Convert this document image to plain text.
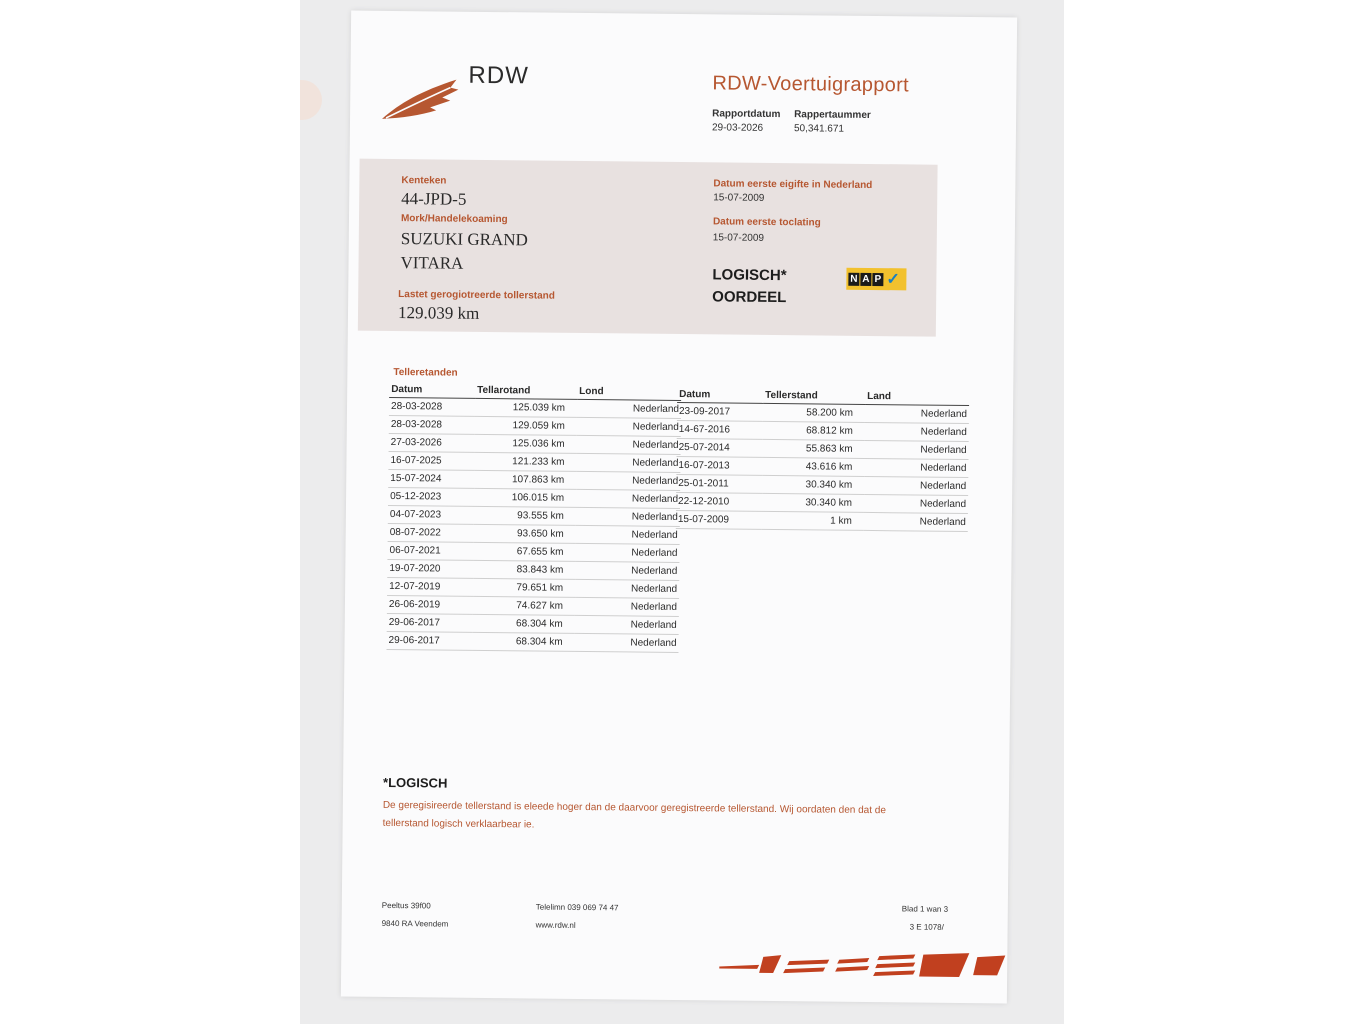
RDW	RDW-Voertuigrapport
Rapportdatum
29-03-2026
Rappertaummer
50,341.671
Kenteken
44-JPD-5
Mork/Handelekoaming
SUZUKI GRAND
VITARA
Lastet gerogiotreerde tollerstand
129.039 km
Datum eerste eigifte in Nederland
15-07-2009
Datum eerste toclating
15-07-2009
LOGISCH*
OORDEEL
N A P ✓
Telleretanden
Datum	Tellarotand	Lond
28-03-2028	125.039 km	Nederland
28-03-2028	129.059 km	Nederland
27-03-2026	125.036 km	Nederland
16-07-2025	121.233 km	Nederland
15-07-2024	107.863 km	Nederland
05-12-2023	106.015 km	Nederland
04-07-2023	93.555 km	Nederland
08-07-2022	93.650 km	Nederland
06-07-2021	67.655 km	Nederland
19-07-2020	83.843 km	Nederland
12-07-2019	79.651 km	Nederland
26-06-2019	74.627 km	Nederland
29-06-2017	68.304 km	Nederland
29-06-2017	68.304 km	Nederland
Datum	Tellerstand	Land
23-09-2017	58.200 km	Nederland
14-67-2016	68.812 km	Nederland
25-07-2014	55.863 km	Nederland
16-07-2013	43.616 km	Nederland
25-01-2011	30.340 km	Nederland
22-12-2010	30.340 km	Nederland
15-07-2009	1 km	Nederland
*LOGISCH
De geregisireerde tellerstand is eleede hoger dan de daarvoor geregistreerde tellerstand. Wij oordaten den dat de tellerstand logisch verklaarbear ie.
Peeltus 39f00
9840 RA Veendem
Telelimn 039 069 74 47
www.rdw.nl
Blad 1 wan 3
3 E 1078/
